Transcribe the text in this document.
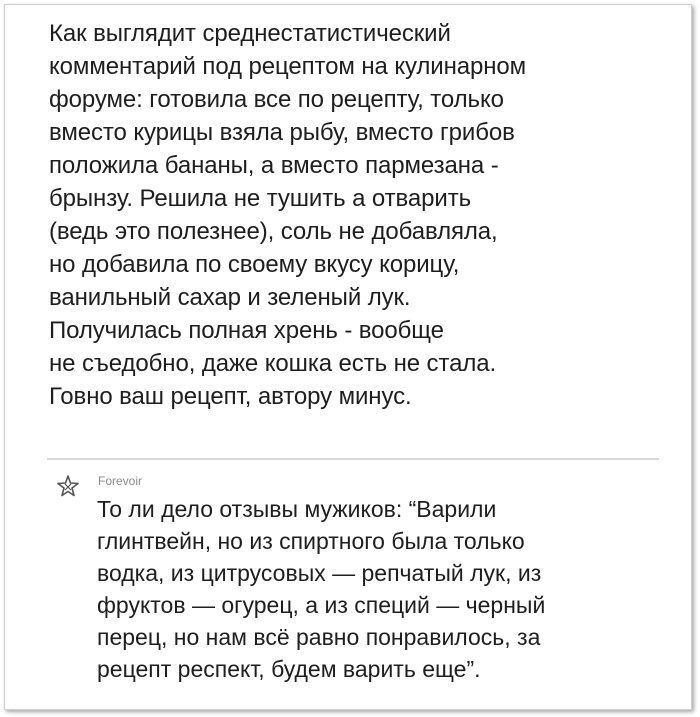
Как выглядит среднестатистический
комментарий под рецептом на кулинарном
форуме: готовила все по рецепту, только
вместо курицы взяла рыбу, вместо грибов
положила бананы, а вместо пармезана -
брынзу. Решила не тушить а отварить
(ведь это полезнее), соль не добавляла,
но добавила по своему вкусу корицу,
ванильный сахар и зеленый лук.
Получилась полная хрень - вообще
не съедобно, даже кошка есть не стала.
Говно ваш рецепт, автору минус.
Forevoir
То ли дело отзывы мужиков: “Варили
глинтвейн, но из спиртного была только
водка, из цитрусовых — репчатый лук, из
фруктов — огурец, а из специй — черный
перец, но нам всё равно понравилось, за
рецепт респект, будем варить еще”.
